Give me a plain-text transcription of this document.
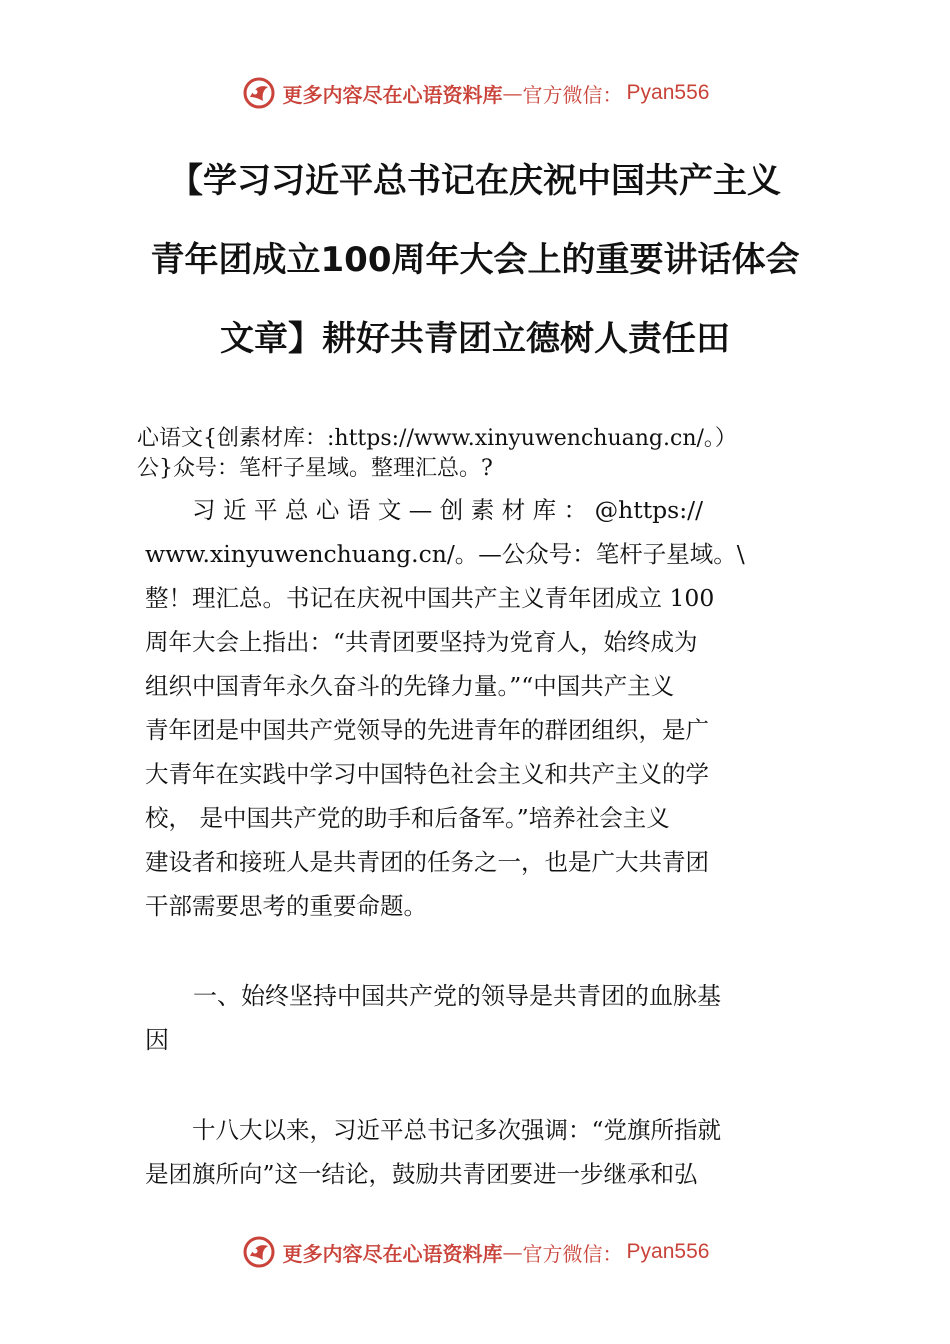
更多内容尽在心语资料库 — 官方微信： Pyan556
【学习习近平总书记在庆祝中国共产主义
青年团成立100周年大会上的重要讲话体会
文章】耕好共青团立德树人责任田
心语文{创素材库：:https://www.xinyuwenchuang.cn/。）
公}众号：笔杆子星域。整理汇总。?
　　习 近 平 总 心 语 文 — 创 素 材 库 ： @https://
www.xinyuwenchuang.cn/。—公众号：笔杆子星域。\
整！理汇总。书记在庆祝中国共产主义青年团成立 100
周年大会上指出：“共青团要坚持为党育人，始终成为
组织中国青年永久奋斗的先锋力量。”“中国共产主义
青年团是中国共产党领导的先进青年的群团组织，是广
大青年在实践中学习中国特色社会主义和共产主义的学
校， 是中国共产党的助手和后备军。”培养社会主义
建设者和接班人是共青团的任务之一，也是广大共青团
干部需要思考的重要命题。
　　一、始终坚持中国共产党的领导是共青团的血脉基
因
　　十八大以来，习近平总书记多次强调：“党旗所指就
是团旗所向”这一结论，鼓励共青团要进一步继承和弘
更多内容尽在心语资料库 — 官方微信： Pyan556
